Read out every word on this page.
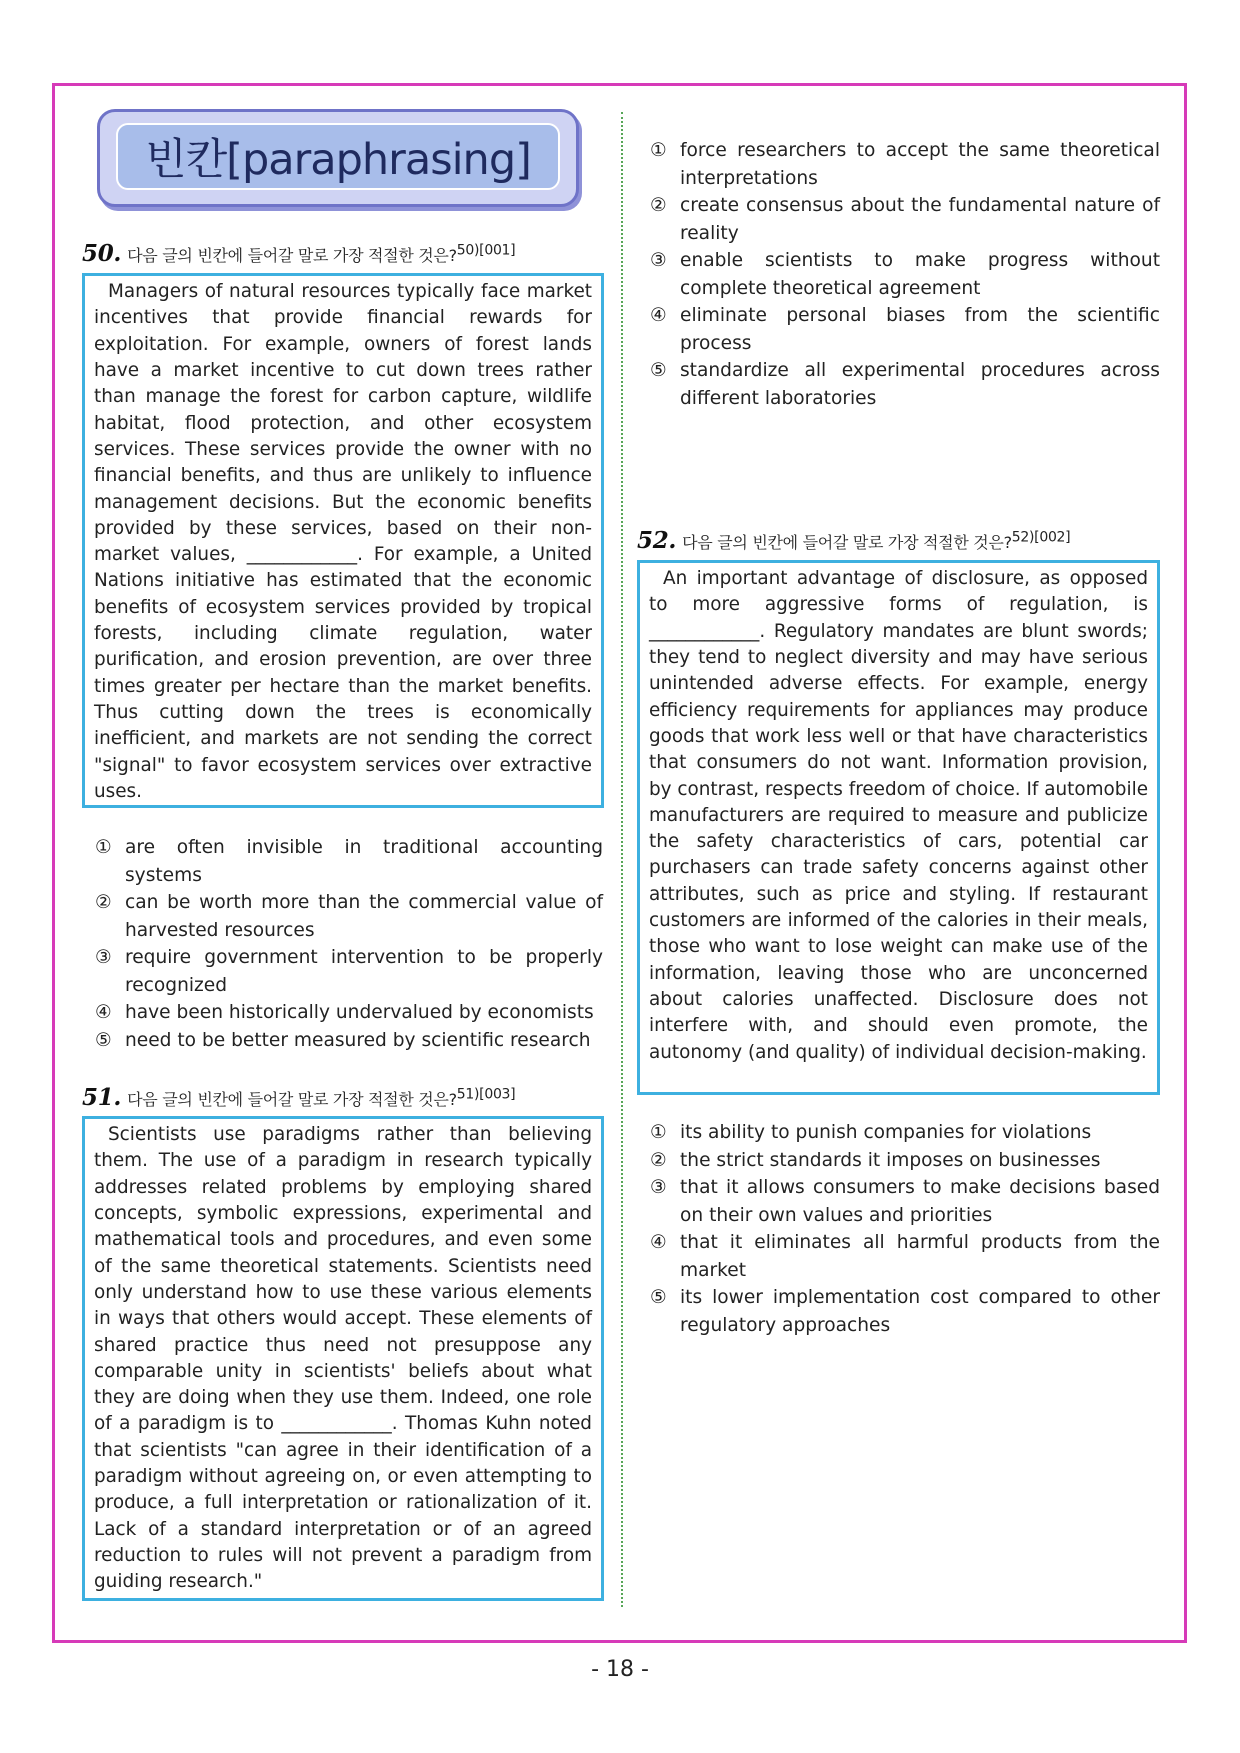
빈칸[paraphrasing]
50. 다음 글의 빈칸에 들어갈 말로 가장 적절한 것은?$^{50)[001]}$

Managers of natural resources typically face market incentives that provide financial rewards for exploitation. For example, owners of forest lands have a market incentive to cut down trees rather than manage the forest for carbon capture, wildlife habitat, flood protection, and other ecosystem services. These services provide the owner with no financial benefits, and thus are unlikely to influence management decisions. But the economic benefits provided by these services, based on their non-market values, ____________. For example, a United Nations initiative has estimated that the economic benefits of ecosystem services provided by tropical forests, including climate regulation, water purification, and erosion prevention, are over three times greater per hectare than the market benefits. Thus cutting down the trees is economically inefficient, and markets are not sending the correct "signal" to favor ecosystem services over extractive uses.

① are often invisible in traditional accounting systems
② can be worth more than the commercial value of harvested resources
③ require government intervention to be properly recognized
④ have been historically undervalued by economists
⑤ need to be better measured by scientific research
51. 다음 글의 빈칸에 들어갈 말로 가장 적절한 것은?$^{51)[003]}$

Scientists use paradigms rather than believing them. The use of a paradigm in research typically addresses related problems by employing shared concepts, symbolic expressions, experimental and mathematical tools and procedures, and even some of the same theoretical statements. Scientists need only understand how to use these various elements in ways that others would accept. These elements of shared practice thus need not presuppose any comparable unity in scientists' beliefs about what they are doing when they use them. Indeed, one role of a paradigm is to ____________. Thomas Kuhn noted that scientists "can agree in their identification of a paradigm without agreeing on, or even attempting to produce, a full interpretation or rationalization of it. Lack of a standard interpretation or of an agreed reduction to rules will not prevent a paradigm from guiding research."

① force researchers to accept the same theoretical interpretations
② create consensus about the fundamental nature of reality
③ enable scientists to make progress without complete theoretical agreement
④ eliminate personal biases from the scientific process
⑤ standardize all experimental procedures across different laboratories
52. 다음 글의 빈칸에 들어갈 말로 가장 적절한 것은?$^{52)[002]}$

An important advantage of disclosure, as opposed to more aggressive forms of regulation, is ____________. Regulatory mandates are blunt swords; they tend to neglect diversity and may have serious unintended adverse effects. For example, energy efficiency requirements for appliances may produce goods that work less well or that have characteristics that consumers do not want. Information provision, by contrast, respects freedom of choice. If automobile manufacturers are required to measure and publicize the safety characteristics of cars, potential car purchasers can trade safety concerns against other attributes, such as price and styling. If restaurant customers are informed of the calories in their meals, those who want to lose weight can make use of the information, leaving those who are unconcerned about calories unaffected. Disclosure does not interfere with, and should even promote, the autonomy (and quality) of individual decision-making.

① its ability to punish companies for violations
② the strict standards it imposes on businesses
③ that it allows consumers to make decisions based on their own values and priorities
④ that it eliminates all harmful products from the market
⑤ its lower implementation cost compared to other regulatory approaches
- 18 -
